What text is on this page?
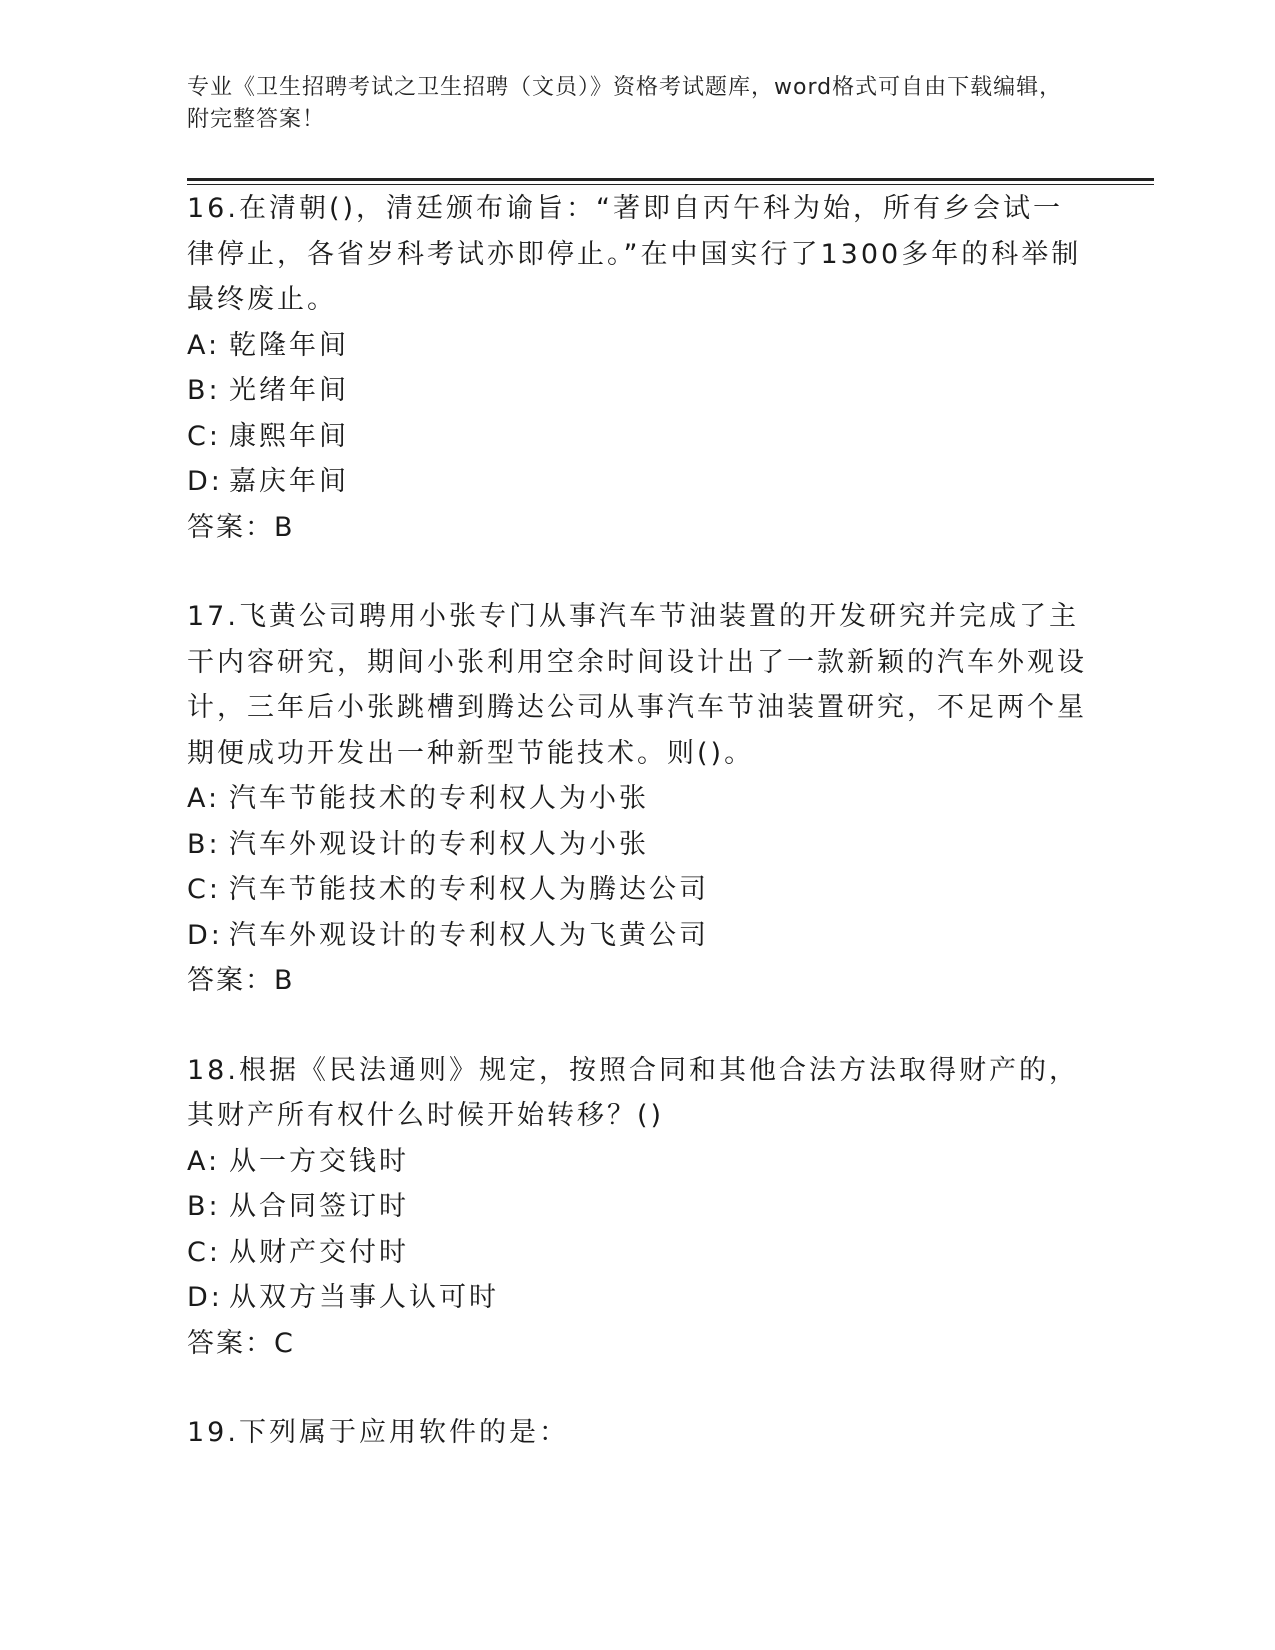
专业《卫生招聘考试之卫生招聘（文员）》资格考试题库，word格式可自由下载编辑，附完整答案！

16.在清朝()，清廷颁布谕旨：“著即自丙午科为始，所有乡会试一律停止，各省岁科考试亦即停止。”在中国实行了1300多年的科举制最终废止。

A: 乾隆年间
B: 光绪年间
C: 康熙年间
D: 嘉庆年间
答案：B

17.飞黄公司聘用小张专门从事汽车节油装置的开发研究并完成了主干内容研究，期间小张利用空余时间设计出了一款新颖的汽车外观设计，三年后小张跳槽到腾达公司从事汽车节油装置研究，不足两个星期便成功开发出一种新型节能技术。则()。

A: 汽车节能技术的专利权人为小张
B: 汽车外观设计的专利权人为小张
C: 汽车节能技术的专利权人为腾达公司
D: 汽车外观设计的专利权人为飞黄公司
答案：B

18.根据《民法通则》规定，按照合同和其他合法方法取得财产的，其财产所有权什么时候开始转移？()

A: 从一方交钱时
B: 从合同签订时
C: 从财产交付时
D: 从双方当事人认可时
答案：C

19.下列属于应用软件的是：
